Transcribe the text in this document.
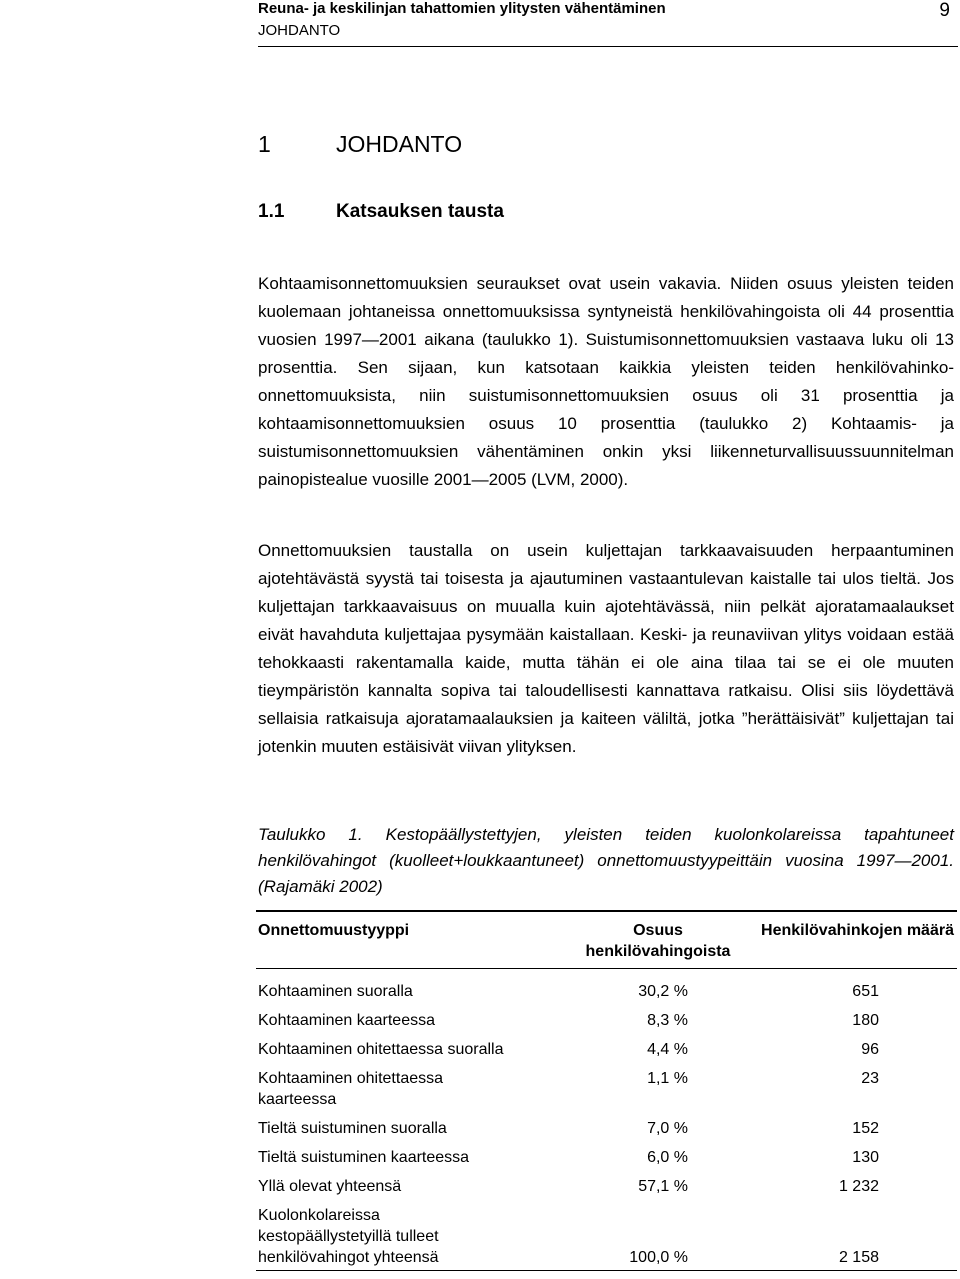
Reuna- ja keskilinjan tahattomien ylitysten vähentäminen
JOHDANTO
9
1	JOHDANTO
1.1	Katsauksen tausta

Kohtaamisonnettomuuksien seuraukset ovat usein vakavia. Niiden osuus yleisten teiden kuolemaan johtaneissa onnettomuuksissa syntyneistä henkilövahingoista oli 44 prosenttia vuosien 1997—2001 aikana (taulukko 1). Suistumisonnettomuuksien vastaava luku oli 13 prosenttia. Sen sijaan, kun katsotaan kaikkia yleisten teiden henkilövahinko-onnettomuuksista, niin suistumisonnettomuuksien osuus oli 31 prosenttia ja kohtaamisonnettomuuksien osuus 10 prosenttia (taulukko 2) Kohtaamis- ja suistumisonnettomuuksien vähentäminen onkin yksi liikenneturvallisuussuunnitelman painopistealue vuosille 2001—2005 (LVM, 2000).

Onnettomuuksien taustalla on usein kuljettajan tarkkaavaisuuden herpaantuminen ajotehtävästä syystä tai toisesta ja ajautuminen vastaantulevan kaistalle tai ulos tieltä. Jos kuljettajan tarkkaavaisuus on muualla kuin ajotehtävässä, niin pelkät ajoratamaalaukset eivät havahduta kuljettajaa pysymään kaistallaan. Keski- ja reunaviivan ylitys voidaan estää tehokkaasti rakentamalla kaide, mutta tähän ei ole aina tilaa tai se ei ole muuten tieympäristön kannalta sopiva tai taloudellisesti kannattava ratkaisu. Olisi siis löydettävä sellaisia ratkaisuja ajoratamaalauksien ja kaiteen väliltä, jotka ”herättäisivät” kuljettajan tai jotenkin muuten estäisivät viivan ylityksen.

Taulukko 1. Kestopäällystettyjen, yleisten teiden kuolonkolareissa tapahtuneet henkilövahingot (kuolleet+loukkaantuneet) onnettomuustyypeittäin vuosina 1997—2001. (Rajamäki 2002)

Onnettomuustyyppi	Osuus henkilövahingoista	Henkilövahinkojen määrä
Kohtaaminen suoralla	30,2 %	651
Kohtaaminen kaarteessa	8,3 %	180
Kohtaaminen ohitettaessa suoralla	4,4 %	96
Kohtaaminen ohitettaessa kaarteessa	1,1 %	23
Tieltä suistuminen suoralla	7,0 %	152
Tieltä suistuminen kaarteessa	6,0 %	130
Yllä olevat yhteensä	57,1 %	1 232
Kuolonkolareissa kestopäällystetyillä tulleet henkilövahingot yhteensä	100,0 %	2 158
